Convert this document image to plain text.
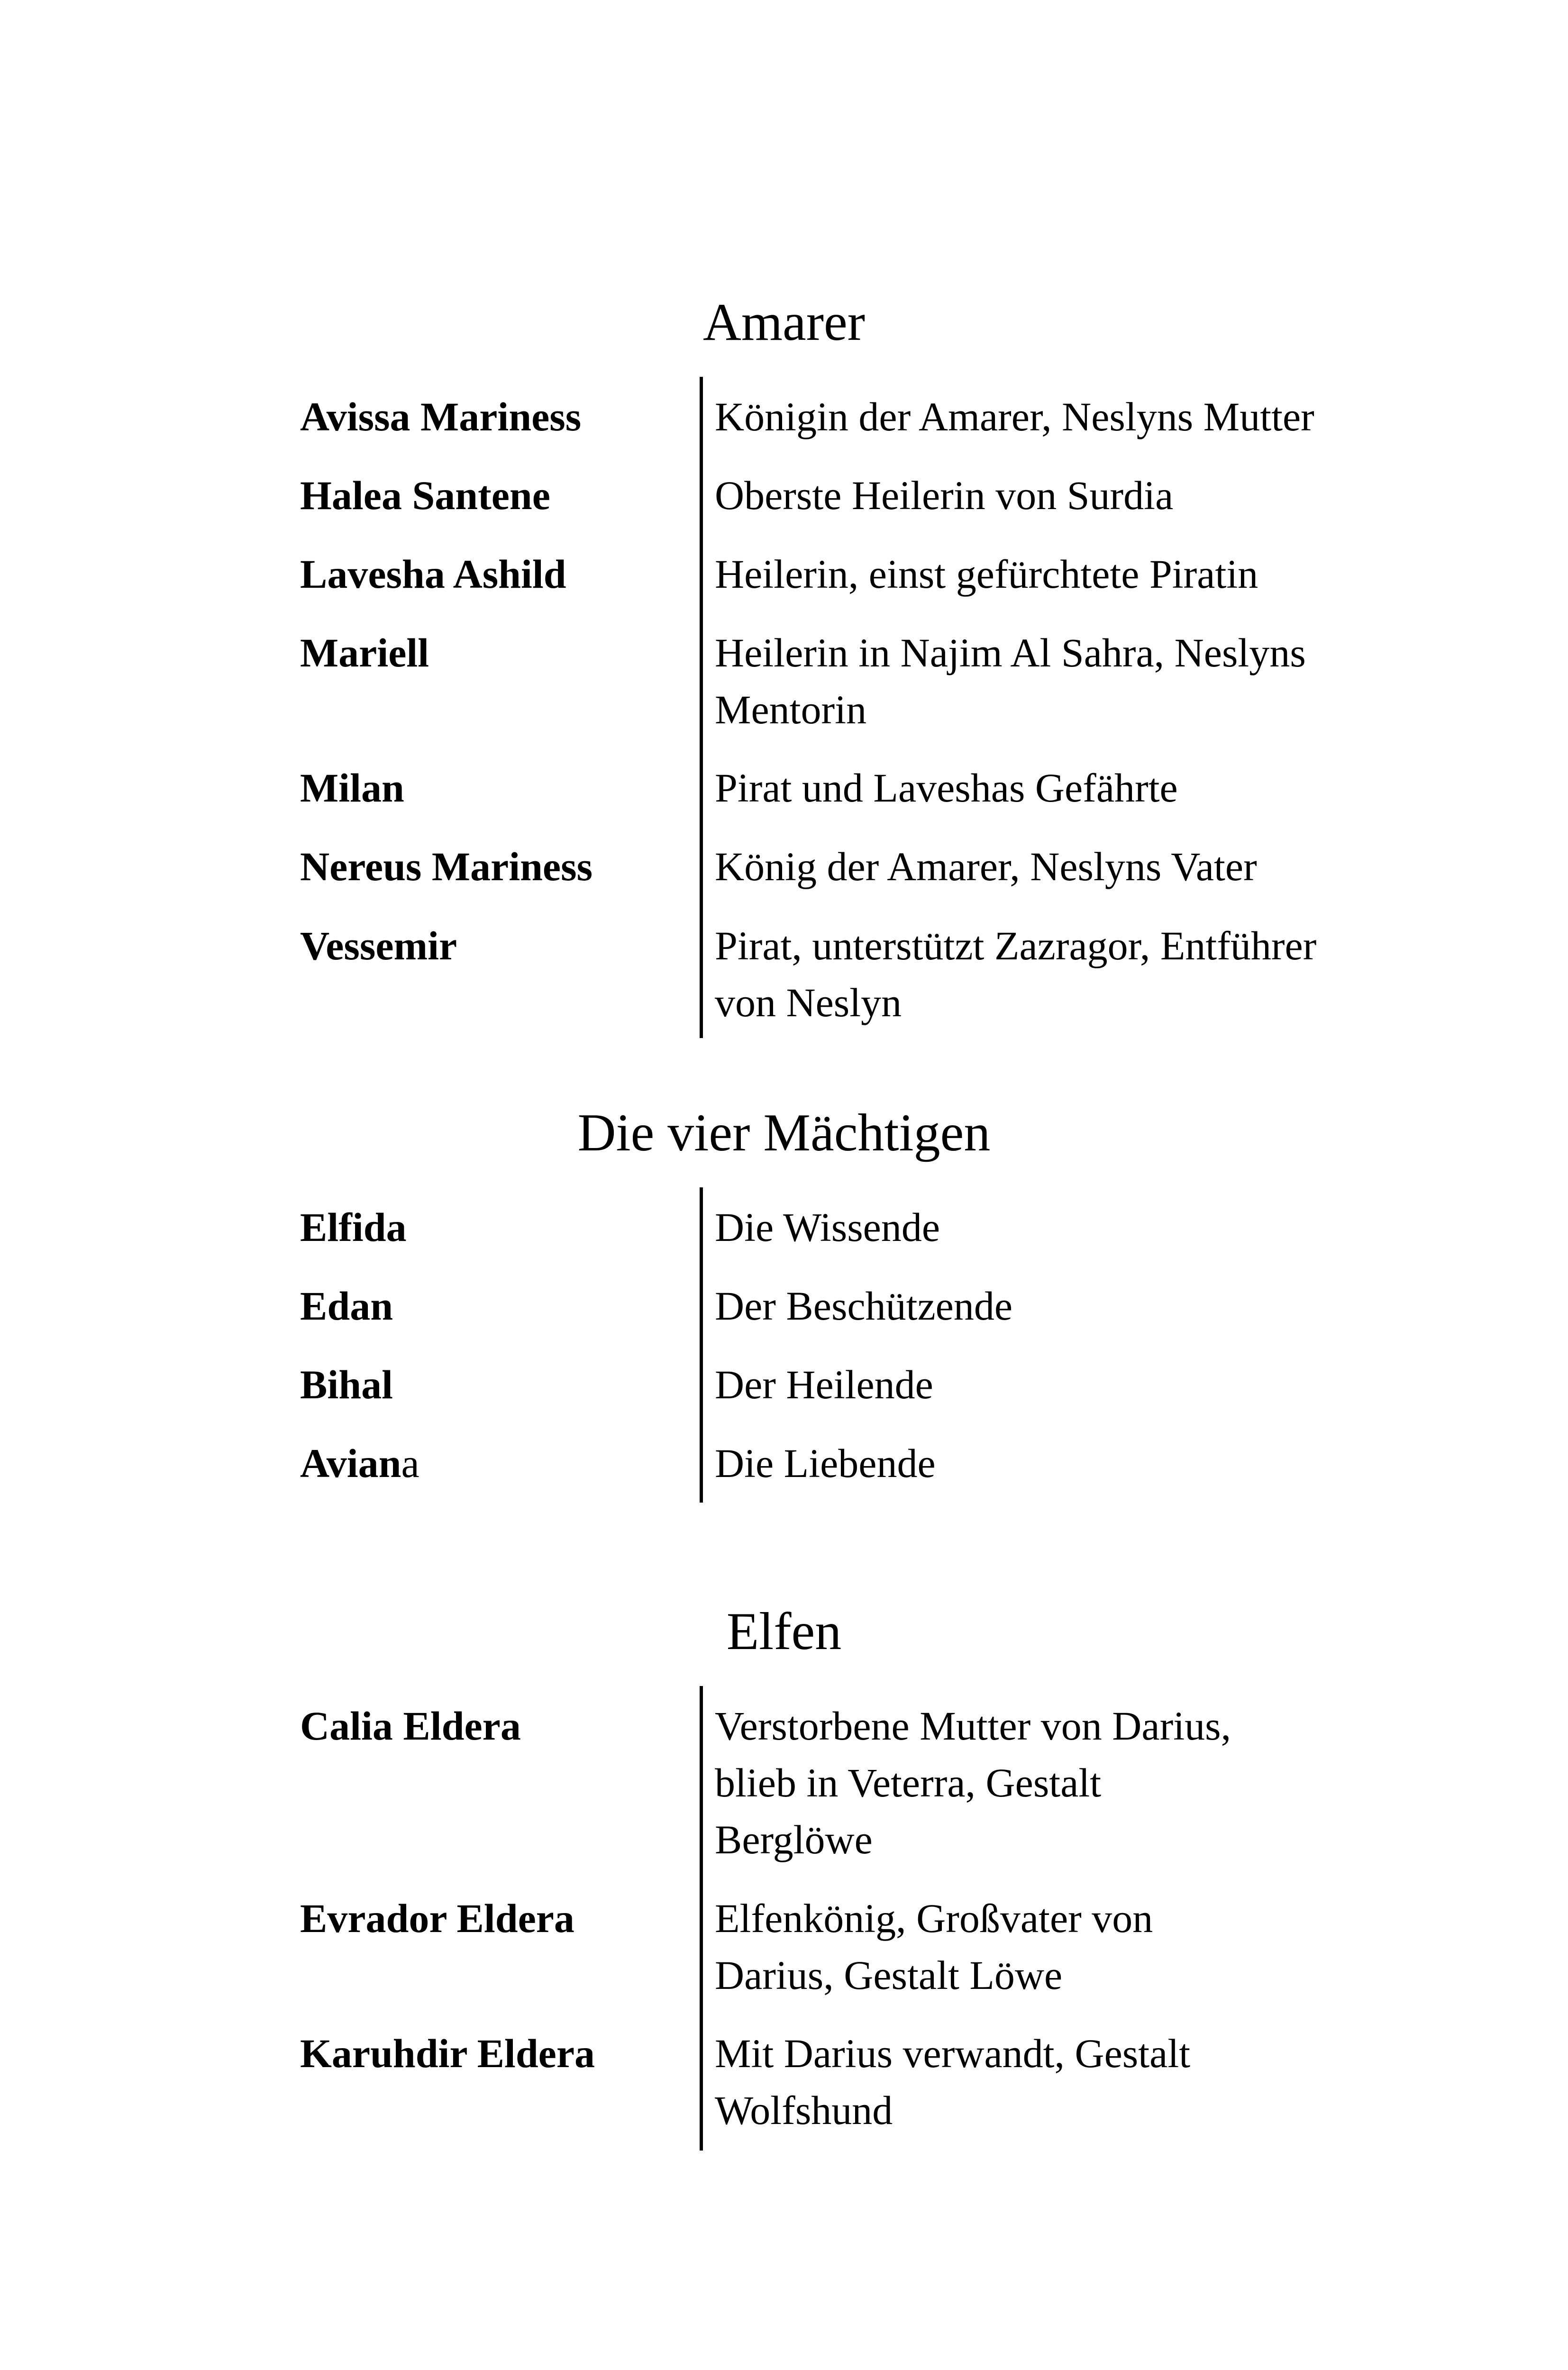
Amarer
Avissa Mariness	Königin der Amarer, Neslyns Mutter
Halea Santene	Oberste Heilerin von Surdia
Lavesha Ashild	Heilerin, einst gefürchtete Piratin
Mariell	Heilerin in Najim Al Sahra, Neslyns
Mentorin
Milan	Pirat und Laveshas Gefährte
Nereus Mariness	König der Amarer, Neslyns Vater
Vessemir	Pirat, unterstützt Zazragor, Entführer
von Neslyn
Die vier Mächtigen
Elfida	Die Wissende
Edan	Der Beschützende
Bihal	Der Heilende
Aviana	Die Liebende
Elfen
Calia Eldera	Verstorbene Mutter von Darius,
blieb in Veterra, Gestalt
Berglöwe
Evrador Eldera	Elfenkönig, Großvater von
Darius, Gestalt Löwe
Karuhdir Eldera	Mit Darius verwandt, Gestalt
Wolfshund
